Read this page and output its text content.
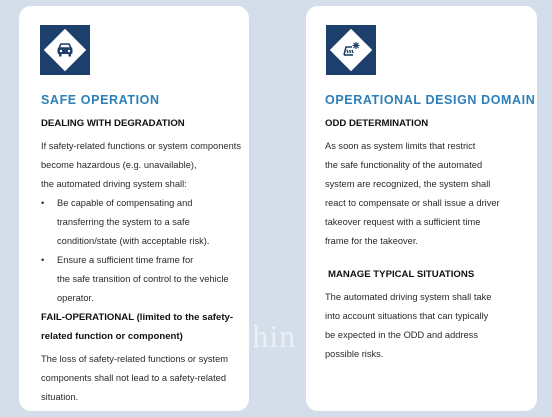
SAFE OPERATION
DEALING WITH DEGRADATION
If safety-related functions or system components
become hazardous (e.g. unavailable),
the automated driving system shall:
•	Be capable of compensating and
transferring the system to a safe
condition/state (with acceptable risk).
•	Ensure a sufficient time frame for
the safe transition of control to the vehicle
operator.
FAIL-OPERATIONAL (limited to the safety-
related function or component)
The loss of safety-related functions or system
components shall not lead to a safety-related
situation.
OPERATIONAL DESIGN DOMAIN
ODD DETERMINATION
As soon as system limits that restrict
the safe functionality of the automated
system are recognized, the system shall
react to compensate or shall issue a driver
takeover request with a sufficient time
frame for the takeover.
MANAGE TYPICAL SITUATIONS
The automated driving system shall take
into account situations that can typically
be expected in the ODD and address
possible risks.
Chin
